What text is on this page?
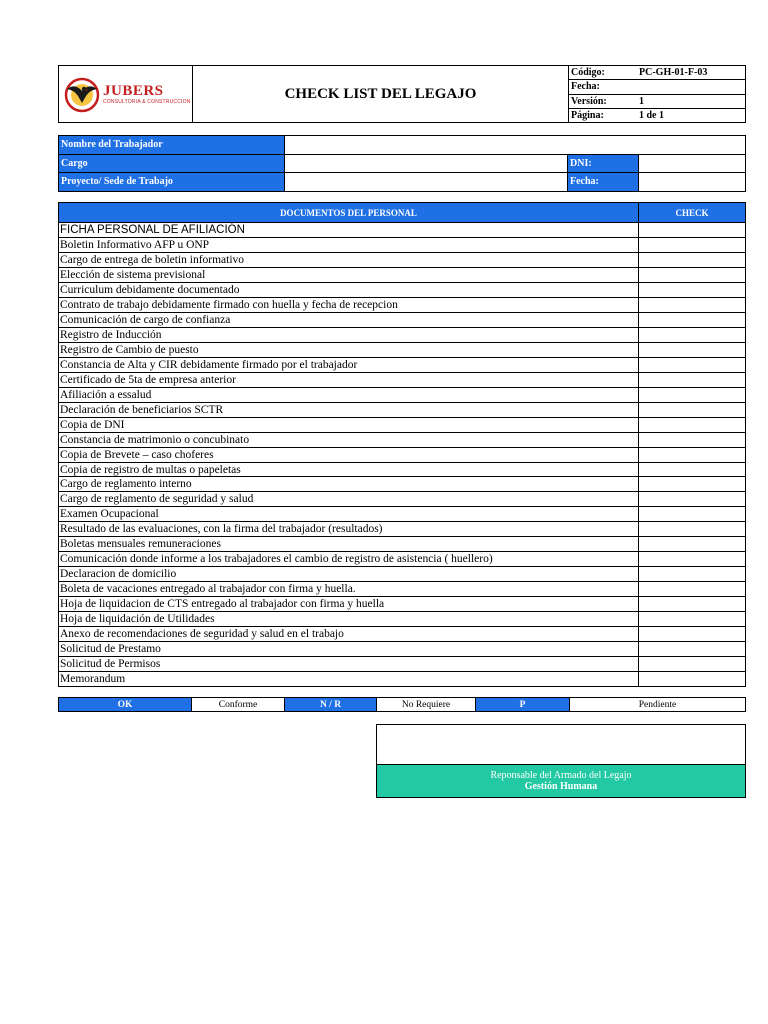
JUBERS
CONSULTORIA & CONSTRUCCION	CHECK LIST DEL LEGAJO
Código:	PC-GH-01-F-03
Fecha:
Versión:	1
Página:	1 de 1
Nombre del Trabajador
Cargo	DNI:
Proyecto/ Sede de Trabajo	Fecha:
DOCUMENTOS DEL PERSONAL	CHECK
FICHA PERSONAL DE AFILIACIÓN
Boletin Informativo AFP u ONP
Cargo de entrega de boletin informativo
Elección de sistema previsional
Curriculum debidamente documentado
Contrato de trabajo debidamente firmado con huella y fecha de recepcion
Comunicación de cargo de confianza
Registro de Inducción
Registro de Cambio de puesto
Constancia de Alta y CIR debidamente firmado por el trabajador
Certificado de 5ta de empresa anterior
Afiliación a essalud
Declaración de beneficiarios SCTR
Copia de DNI
Constancia de matrimonio o concubinato
Copia de Brevete – caso choferes
Copia de registro de multas o papeletas
Cargo de reglamento interno
Cargo de reglamento de seguridad y salud
Examen Ocupacional
Resultado de las evaluaciones, con la firma del trabajador (resultados)
Boletas mensuales remuneraciones
Comunicación donde informe a los trabajadores el cambio de registro de asistencia ( huellero)
Declaracion de domicilio
Boleta de vacaciones entregado al trabajador con firma y huella.
Hoja de liquidacion de CTS entregado al trabajador con firma y huella
Hoja de liquidación de Utilidades
Anexo de recomendaciones de seguridad y salud en el trabajo
Solicitud de Prestamo
Solicitud de Permisos
Memorandum
OK	Conforme	N / R	No Requiere	P	Pendiente
Reponsable del Armado del Legajo
Gestión Humana
